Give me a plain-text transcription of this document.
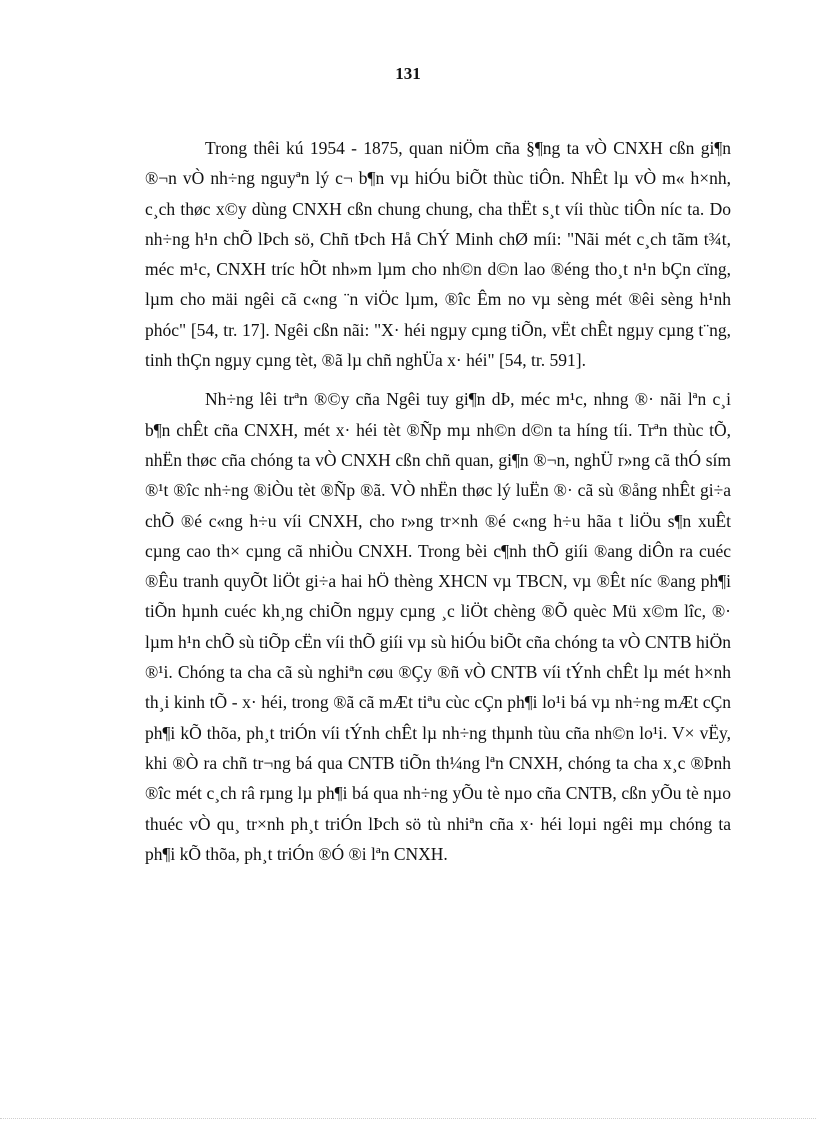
131

Trong thêi kú 1954 - 1875, quan niÖm cña §¶ng ta vÒ CNXH cßn gi¶n ®¬n vÒ nh÷ng nguyªn lý c¬ b¶n vµ hiÓu biÕt thùc tiÔn. NhÊt lµ vÒ m« h×nh, c¸ch thøc x©y dùng CNXH cßn chung chung, cha thËt s¸t víi thùc tiÔn níc ta. Do nh÷ng h¹n chÕ lÞch sö, Chñ tÞch Hå ChÝ Minh chØ míi: "Nãi mét c¸ch tãm t¾t, méc m¹c, CNXH tríc hÕt nh»m lµm cho nh©n d©n lao ®éng tho¸t n¹n bÇn cïng, lµm cho mäi ngêi cã c«ng ¨n viÖc lµm, ®îc Êm no vµ sèng mét ®êi sèng h¹nh phóc" [54, tr. 17]. Ngêi cßn nãi: "X· héi ngµy cµng tiÕn, vËt chÊt ngµy cµng t¨ng, tinh thÇn ngµy cµng tèt, ®ã lµ chñ nghÜa x· héi" [54, tr. 591].

Nh÷ng lêi trªn ®©y cña Ngêi tuy gi¶n dÞ, méc m¹c, nhng ®· nãi lªn c¸i b¶n chÊt cña CNXH, mét x· héi tèt ®Ñp mµ nh©n d©n ta híng tíi. Trªn thùc tÕ, nhËn thøc cña chóng ta vÒ CNXH cßn chñ quan, gi¶n ®¬n, nghÜ r»ng cã thÓ sím ®¹t ®îc nh÷ng ®iÒu tèt ®Ñp ®ã. VÒ nhËn thøc lý luËn ®· cã sù ®ång nhÊt gi÷a chÕ ®é c«ng h÷u víi CNXH, cho r»ng tr×nh ®é c«ng h÷u hãa t liÖu s¶n xuÊt cµng cao th× cµng cã nhiÒu CNXH. Trong bèi c¶nh thÕ giíi ®ang diÔn ra cuéc ®Êu tranh quyÕt liÖt gi÷a hai hÖ thèng XHCN vµ TBCN, vµ ®Êt níc ®ang ph¶i tiÕn hµnh cuéc kh¸ng chiÕn ngµy cµng ¸c liÖt chèng ®Õ quèc Mü x©m lîc, ®· lµm h¹n chÕ sù tiÕp cËn víi thÕ giíi vµ sù hiÓu biÕt cña chóng ta vÒ CNTB hiÖn ®¹i. Chóng ta cha cã sù nghiªn cøu ®Çy ®ñ vÒ CNTB víi tÝnh chÊt lµ mét h×nh th¸i kinh tÕ - x· héi, trong ®ã cã mÆt tiªu cùc cÇn ph¶i lo¹i bá vµ nh÷ng mÆt cÇn ph¶i kÕ thõa, ph¸t triÓn víi tÝnh chÊt lµ nh÷ng thµnh tùu cña nh©n lo¹i. V× vËy, khi ®Ò ra chñ tr¬ng bá qua CNTB tiÕn th¼ng lªn CNXH, chóng ta cha x¸c ®Þnh ®îc mét c¸ch râ rµng lµ ph¶i bá qua nh÷ng yÕu tè nµo cña CNTB, cßn yÕu tè nµo thuéc vÒ qu¸ tr×nh ph¸t triÓn lÞch sö tù nhiªn cña x· héi loµi ngêi mµ chóng ta ph¶i kÕ thõa, ph¸t triÓn ®Ó ®i lªn CNXH.
